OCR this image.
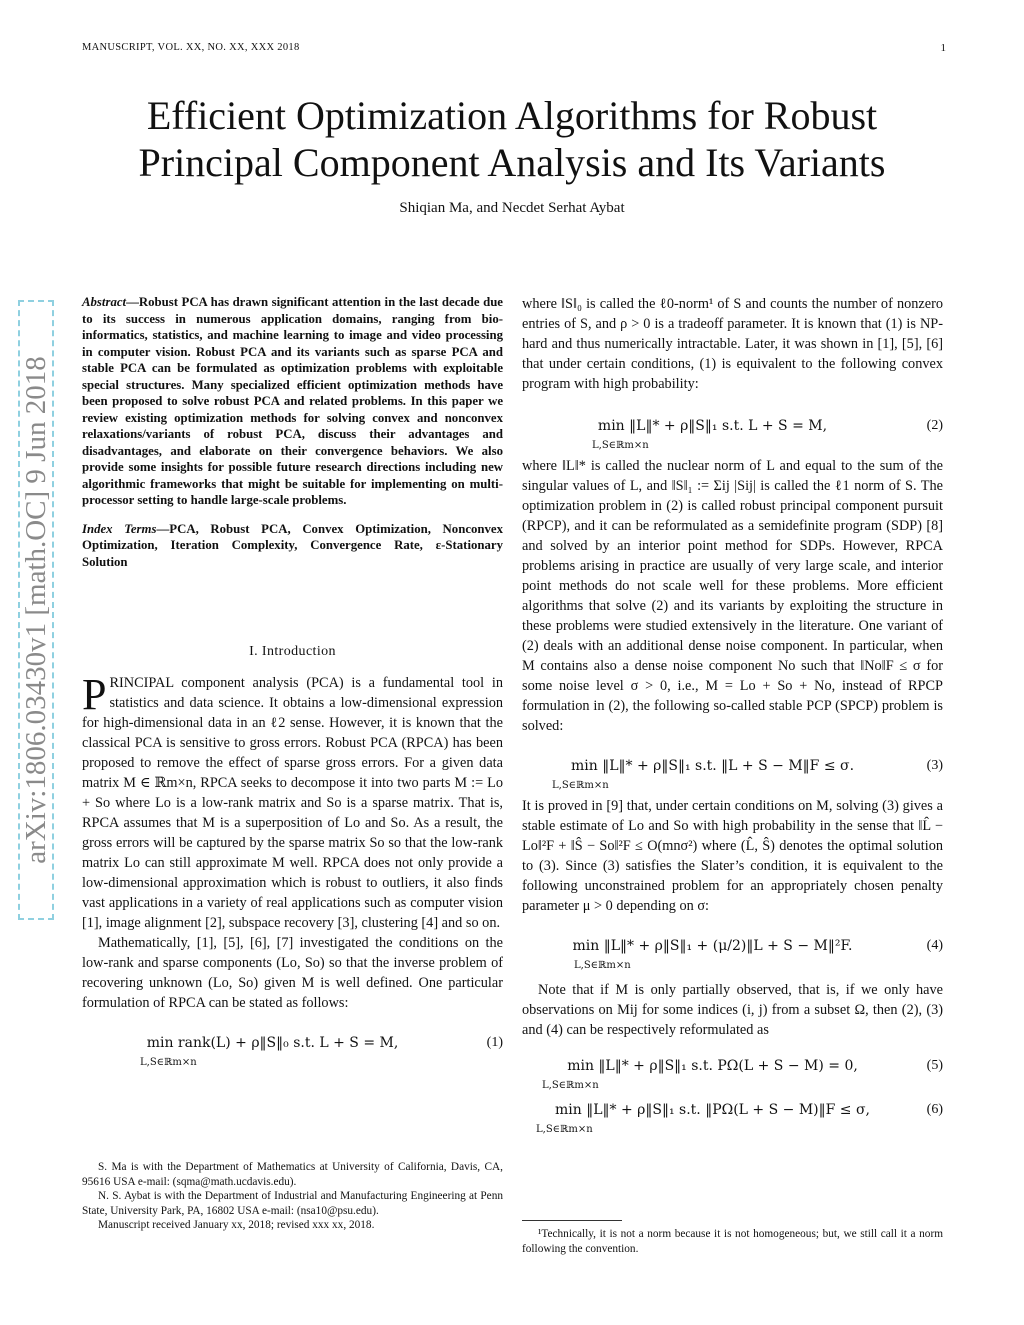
MANUSCRIPT, VOL. XX, NO. XX, XXX 2018	1
Efficient Optimization Algorithms for Robust
Principal Component Analysis and Its Variants
Shiqian Ma, and Necdet Serhat Aybat
arXiv:1806.03430v1 [math.OC] 9 Jun 2018
Abstract—Robust PCA has drawn significant attention in the last decade due to its success in numerous application domains, ranging from bio-informatics, statistics, and machine learning to image and video processing in computer vision. Robust PCA and its variants such as sparse PCA and stable PCA can be formulated as optimization problems with exploitable special structures. Many specialized efficient optimization methods have been proposed to solve robust PCA and related problems. In this paper we review existing optimization methods for solving convex and nonconvex relaxations/variants of robust PCA, discuss their advantages and disadvantages, and elaborate on their convergence behaviors. We also provide some insights for possible future research directions including new algorithmic frameworks that might be suitable for implementing on multi-processor setting to handle large-scale problems.
Index Terms—PCA, Robust PCA, Convex Optimization, Nonconvex Optimization, Iteration Complexity, Convergence Rate, ε-Stationary Solution
I. Introduction

PRINCIPAL component analysis (PCA) is a fundamental tool in statistics and data science. It obtains a low-dimensional expression for high-dimensional data in an ℓ2 sense. However, it is known that the classical PCA is sensitive to gross errors. Robust PCA (RPCA) has been proposed to remove the effect of sparse gross errors. For a given data matrix M ∈ ℝm×n, RPCA seeks to decompose it into two parts M := Lo + So where Lo is a low-rank matrix and So is a sparse matrix. That is, RPCA assumes that M is a superposition of Lo and So. As a result, the gross errors will be captured by the sparse matrix So so that the low-rank matrix Lo can still approximate M well. RPCA does not only provide a low-dimensional approximation which is robust to outliers, it also finds vast applications in a variety of real applications such as computer vision [1], image alignment [2], subspace recovery [3], clustering [4] and so on.

Mathematically, [1], [5], [6], [7] investigated the conditions on the low-rank and sparse components (Lo, So) so that the inverse problem of recovering unknown (Lo, So) given M is well defined. One particular formulation of RPCA can be stated as follows:

min rank(L) + ρ‖S‖₀ s.t. L + S = M,	(1)
L,S∈ℝm×n

S. Ma is with the Department of Mathematics at University of California, Davis, CA, 95616 USA e-mail: (sqma@math.ucdavis.edu).

N. S. Aybat is with the Department of Industrial and Manufacturing Engineering at Penn State, University Park, PA, 16802 USA e-mail: (nsa10@psu.edu).

Manuscript received January xx, 2018; revised xxx xx, 2018.

where ‖S‖₀ is called the ℓ0-norm¹ of S and counts the number of nonzero entries of S, and ρ > 0 is a tradeoff parameter. It is known that (1) is NP-hard and thus numerically intractable. Later, it was shown in [1], [5], [6] that under certain conditions, (1) is equivalent to the following convex program with high probability:

min ‖L‖* + ρ‖S‖₁ s.t. L + S = M,	(2)
L,S∈ℝm×n

where ‖L‖* is called the nuclear norm of L and equal to the sum of the singular values of L, and ‖S‖₁ := Σij |Sij| is called the ℓ1 norm of S. The optimization problem in (2) is called robust principal component pursuit (RPCP), and it can be reformulated as a semidefinite program (SDP) [8] and solved by an interior point method for SDPs. However, RPCA problems arising in practice are usually of very large scale, and interior point methods do not scale well for these problems. More efficient algorithms that solve (2) and its variants by exploiting the structure in these problems were studied extensively in the literature. One variant of (2) deals with an additional dense noise component. In particular, when M contains also a dense noise component No such that ‖No‖F ≤ σ for some noise level σ > 0, i.e., M = Lo + So + No, instead of RPCP formulation in (2), the following so-called stable PCP (SPCP) problem is solved:

min ‖L‖* + ρ‖S‖₁ s.t. ‖L + S − M‖F ≤ σ.	(3)
L,S∈ℝm×n

It is proved in [9] that, under certain conditions on M, solving (3) gives a stable estimate of Lo and So with high probability in the sense that ‖L̂ − Lo‖²F + ‖Ŝ − So‖²F ≤ O(mnσ²) where (L̂, Ŝ) denotes the optimal solution to (3). Since (3) satisfies the Slater’s condition, it is equivalent to the following unconstrained problem for an appropriately chosen penalty parameter μ > 0 depending on σ:

min ‖L‖* + ρ‖S‖₁ + (μ/2)‖L + S − M‖²F.	(4)
L,S∈ℝm×n

Note that if M is only partially observed, that is, if we only have observations on Mij for some indices (i, j) from a subset Ω, then (2), (3) and (4) can be respectively reformulated as

min ‖L‖* + ρ‖S‖₁ s.t. PΩ(L + S − M) = 0,	(5)
L,S∈ℝm×n
min ‖L‖* + ρ‖S‖₁ s.t. ‖PΩ(L + S − M)‖F ≤ σ,	(6)
L,S∈ℝm×n

¹Technically, it is not a norm because it is not homogeneous; but, we still call it a norm following the convention.
